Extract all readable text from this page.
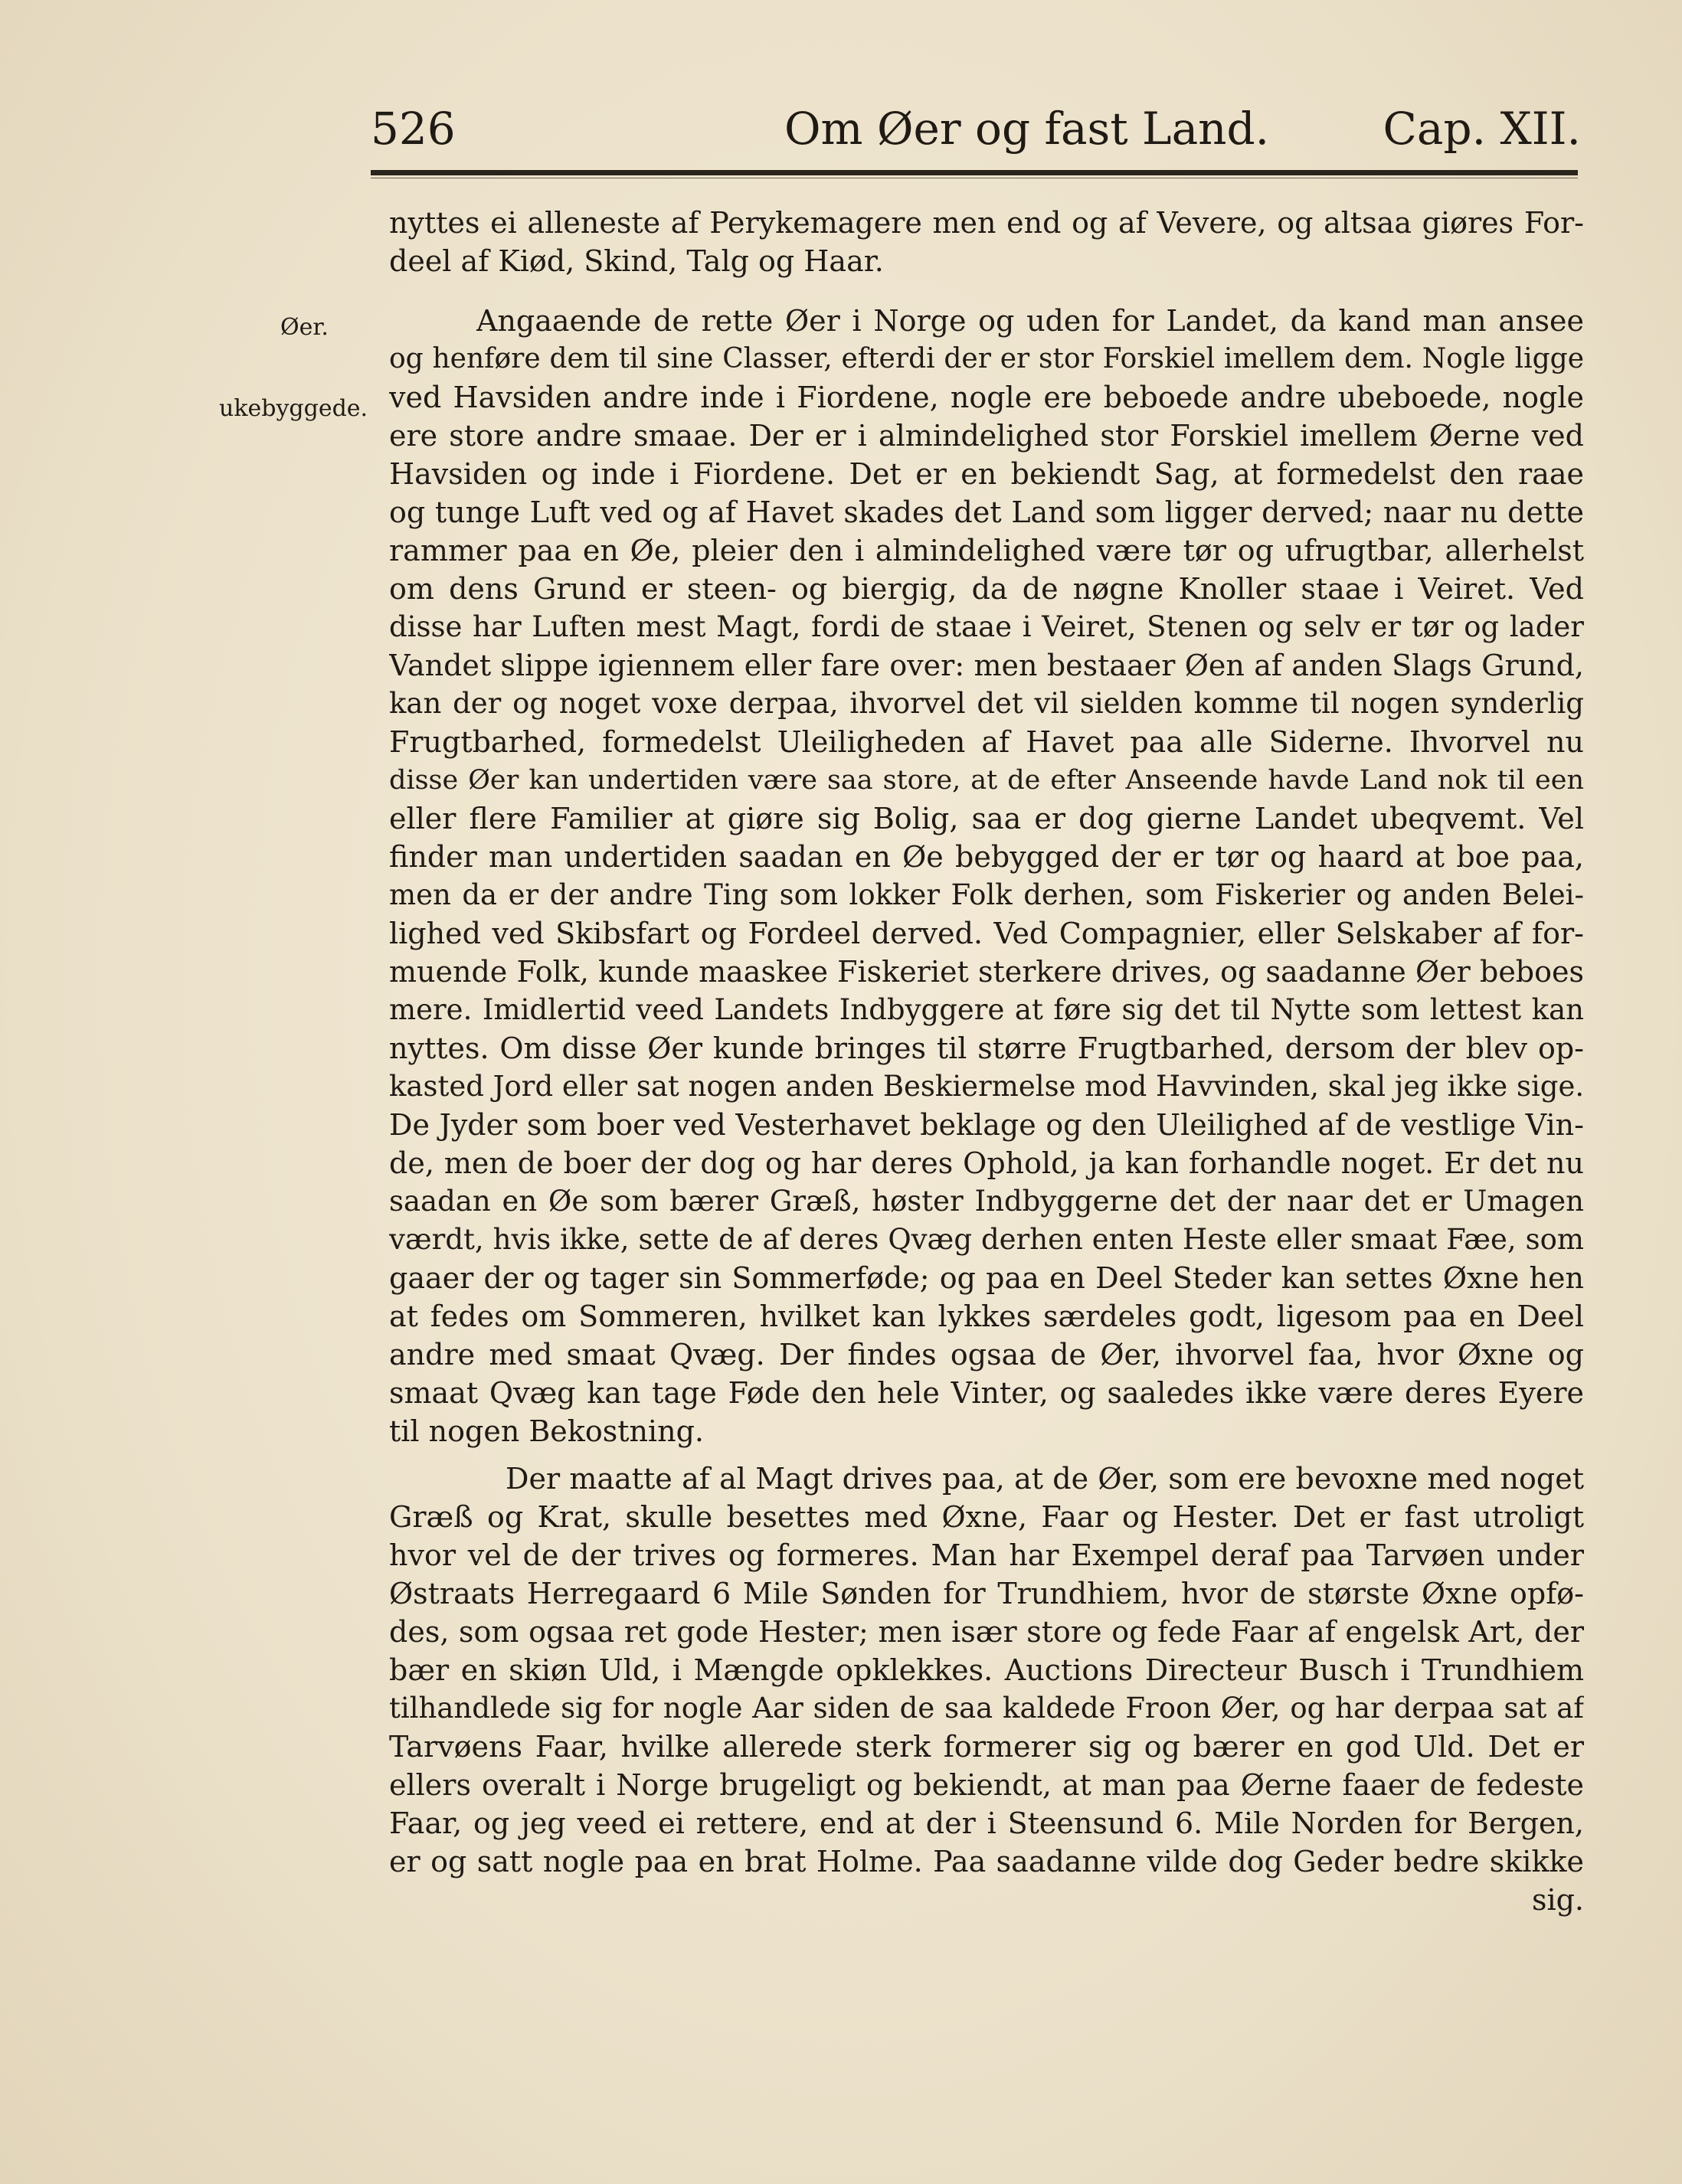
526	Om Øer og fast Land.	Cap. XII.
Øer.
ukebyggede.
nyttes ei alleneste af Perykemagere men end og af Vevere, og altsaa giøres For-
deel af Kiød, Skind, Talg og Haar.
Angaaende de rette Øer i Norge og uden for Landet, da kand man ansee
og henføre dem til sine Classer, efterdi der er stor Forskiel imellem dem. Nogle ligge
ved Havsiden andre inde i Fiordene, nogle ere beboede andre ubeboede, nogle
ere store andre smaae. Der er i almindelighed stor Forskiel imellem Øerne ved
Havsiden og inde i Fiordene. Det er en bekiendt Sag, at formedelst den raae
og tunge Luft ved og af Havet skades det Land som ligger derved; naar nu dette
rammer paa en Øe, pleier den i almindelighed være tør og ufrugtbar, allerhelst
om dens Grund er steen- og biergig, da de nøgne Knoller staae i Veiret. Ved
disse har Luften mest Magt, fordi de staae i Veiret, Stenen og selv er tør og lader
Vandet slippe igiennem eller fare over: men bestaaer Øen af anden Slags Grund,
kan der og noget voxe derpaa, ihvorvel det vil sielden komme til nogen synderlig
Frugtbarhed, formedelst Uleiligheden af Havet paa alle Siderne. Ihvorvel nu
disse Øer kan undertiden være saa store, at de efter Anseende havde Land nok til een
eller flere Familier at giøre sig Bolig, saa er dog gierne Landet ubeqvemt. Vel
finder man undertiden saadan en Øe bebygged der er tør og haard at boe paa,
men da er der andre Ting som lokker Folk derhen, som Fiskerier og anden Belei-
lighed ved Skibsfart og Fordeel derved. Ved Compagnier, eller Selskaber af for-
muende Folk, kunde maaskee Fiskeriet sterkere drives, og saadanne Øer beboes
mere. Imidlertid veed Landets Indbyggere at føre sig det til Nytte som lettest kan
nyttes. Om disse Øer kunde bringes til større Frugtbarhed, dersom der blev op-
kasted Jord eller sat nogen anden Beskiermelse mod Havvinden, skal jeg ikke sige.
De Jyder som boer ved Vesterhavet beklage og den Uleilighed af de vestlige Vin-
de, men de boer der dog og har deres Ophold, ja kan forhandle noget. Er det nu
saadan en Øe som bærer Græß, høster Indbyggerne det der naar det er Umagen
værdt, hvis ikke, sette de af deres Qvæg derhen enten Heste eller smaat Fæe, som
gaaer der og tager sin Sommerføde; og paa en Deel Steder kan settes Øxne hen
at fedes om Sommeren, hvilket kan lykkes særdeles godt, ligesom paa en Deel
andre med smaat Qvæg. Der findes ogsaa de Øer, ihvorvel faa, hvor Øxne og
smaat Qvæg kan tage Føde den hele Vinter, og saaledes ikke være deres Eyere
til nogen Bekostning.
Der maatte af al Magt drives paa, at de Øer, som ere bevoxne med noget
Græß og Krat, skulle besettes med Øxne, Faar og Hester. Det er fast utroligt
hvor vel de der trives og formeres. Man har Exempel deraf paa Tarvøen under
Østraats Herregaard 6 Mile Sønden for Trundhiem, hvor de største Øxne opfø-
des, som ogsaa ret gode Hester; men især store og fede Faar af engelsk Art, der
bær en skiøn Uld, i Mængde opklekkes. Auctions Directeur Busch i Trundhiem
tilhandlede sig for nogle Aar siden de saa kaldede Froon Øer, og har derpaa sat af
Tarvøens Faar, hvilke allerede sterk formerer sig og bærer en god Uld. Det er
ellers overalt i Norge brugeligt og bekiendt, at man paa Øerne faaer de fedeste
Faar, og jeg veed ei rettere, end at der i Steensund 6. Mile Norden for Bergen,
er og satt nogle paa en brat Holme. Paa saadanne vilde dog Geder bedre skikke
sig.
